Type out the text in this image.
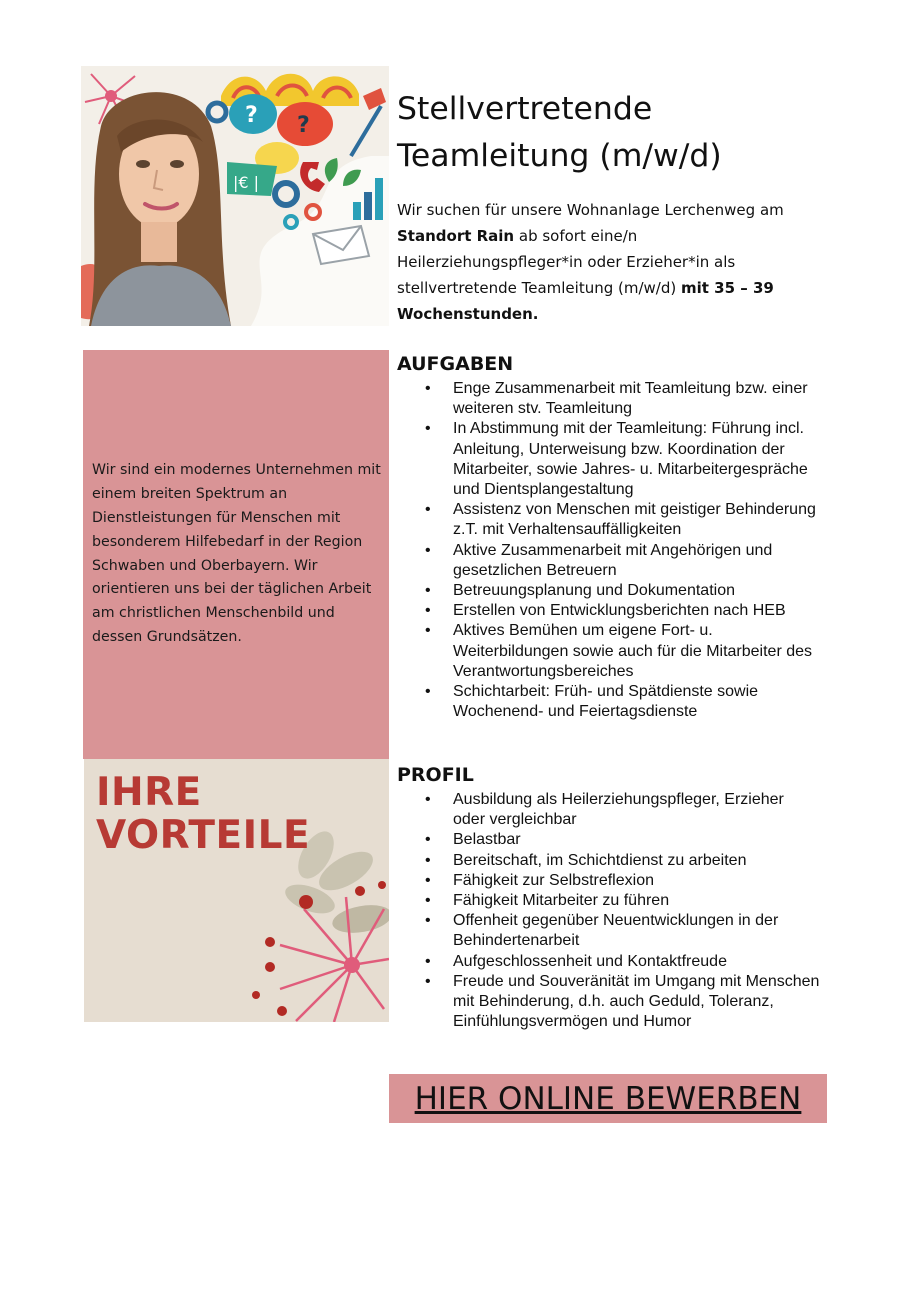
? ?
|€ |
Stellvertretende
Teamleitung (m/w/d)

Wir suchen für unsere Wohnanlage Lerchenweg am Standort Rain ab sofort eine/n Heilerziehungspfleger*in oder Erzieher*in als stellvertretende Teamleitung (m/w/d) mit 35 – 39 Wochenstunden.

Wir sind ein modernes Unternehmen mit einem breiten Spektrum an Dienstleistungen für Menschen mit besonderem Hilfebedarf in der Region Schwaben und Oberbayern. Wir orientieren uns bei der täglichen Arbeit am christlichen Menschenbild und dessen Grundsätzen.

IHRE
VORTEILE
AUFGABEN
• Enge Zusammenarbeit mit Teamleitung bzw. einer weiteren stv. Teamleitung
• In Abstimmung mit der Teamleitung: Führung incl. Anleitung, Unterweisung bzw. Koordination der Mitarbeiter, sowie Jahres- u. Mitarbeitergespräche und Dientsplangestaltung
• Assistenz von Menschen mit geistiger Behinderung z.T. mit Verhaltensauffälligkeiten
• Aktive Zusammenarbeit mit Angehörigen und gesetzlichen Betreuern
• Betreuungsplanung und Dokumentation
• Erstellen von Entwicklungsberichten nach HEB
• Aktives Bemühen um eigene Fort- u. Weiterbildungen sowie auch für die Mitarbeiter des Verantwortungsbereiches
• Schichtarbeit: Früh- und Spätdienste sowie Wochenend- und Feiertagsdienste
PROFIL
• Ausbildung als Heilerziehungspfleger, Erzieher oder vergleichbar
• Belastbar
• Bereitschaft, im Schichtdienst zu arbeiten
• Fähigkeit zur Selbstreflexion
• Fähigkeit Mitarbeiter zu führen
• Offenheit gegenüber Neuentwicklungen in der Behindertenarbeit
• Aufgeschlossenheit und Kontaktfreude
• Freude und Souveränität im Umgang mit Menschen mit Behinderung, d.h. auch Geduld, Toleranz, Einfühlungsvermögen und Humor
HIER ONLINE BEWERBEN
